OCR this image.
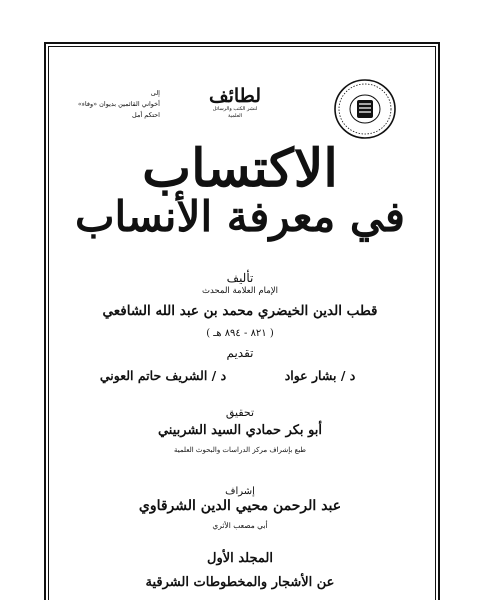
لطائف
لنشر الكتب والرسائل العلمية
إلى
أخواني القائمين بديوان «وفاء»
احتكم أمل
الاكتساب
في معرفة الأنساب
تأليف
الإمام العلامة المحدث
قطب الدين الخيضري محمد بن عبد الله الشافعي
( ٨٢١ - ٨٩٤ هـ )
تقديم
د / بشار عواد
د / الشريف حاتم العوني
تحقيق
أبو بكر حمادي السيد الشربيني
طبع بإشراف مركز الدراسات والبحوث العلمية
إشراف
عبد الرحمن محيي الدين الشرقاوي
أبي مصعب الأثري
المجلد الأول
عن الأشجار والمخطوطات الشرقية
